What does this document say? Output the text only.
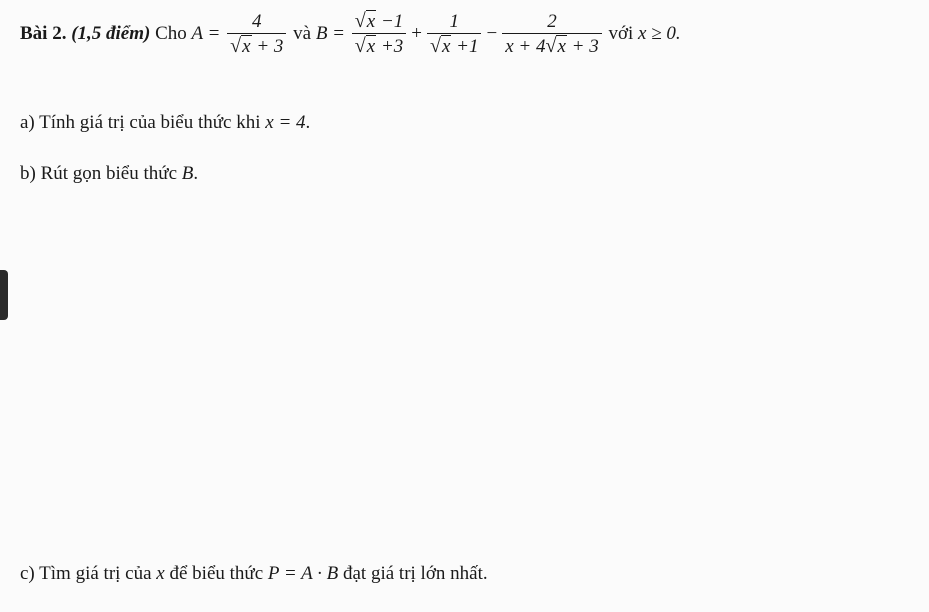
Bài 2. (1,5 điểm) Cho $A = \frac{4}{√x + 3}$ và $B = \frac{√x -1}{√x +3} + \frac{1}{√x +1} - \frac{2}{x + 4√x + 3}$ với x ≥ 0.
a) Tính giá trị của biểu thức khi x = 4.
b) Rút gọn biểu thức B.
c) Tìm giá trị của x để biểu thức P = A · B đạt giá trị lớn nhất.
